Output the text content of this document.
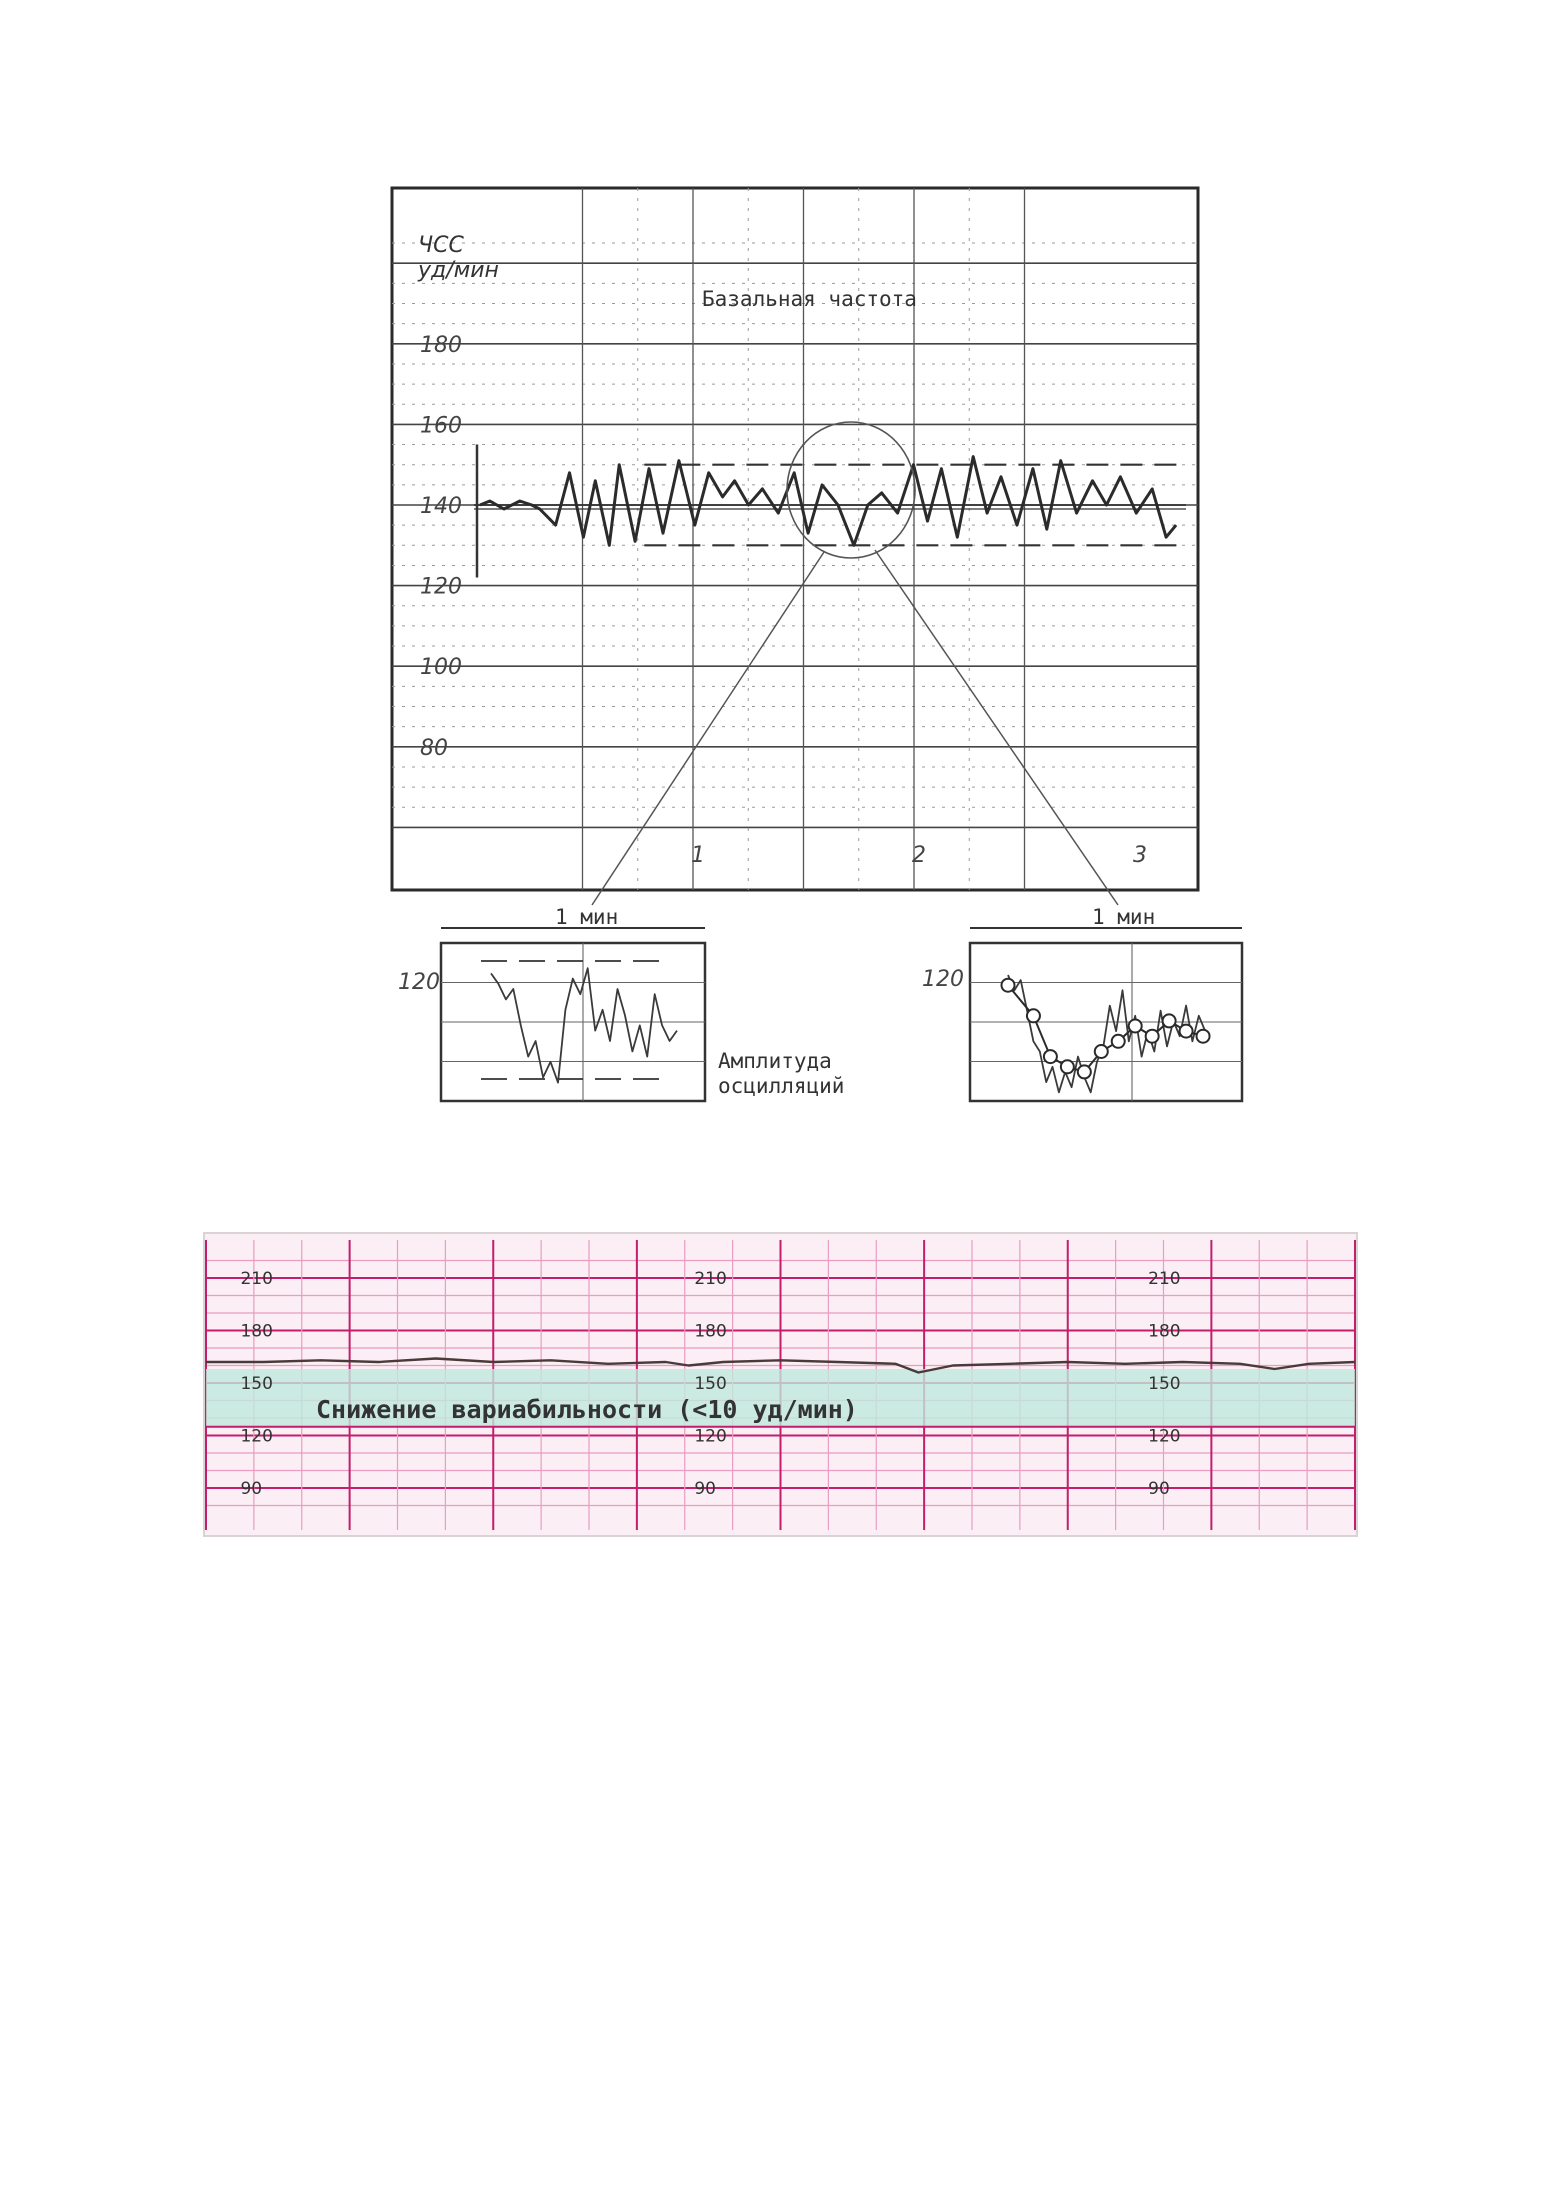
80
100
120
140
160
180
1	2	3
ЧСС
уд/мин
Базальная частота
1 мин
120
Амплитуда
осцилляций
1 мин
120
90
120
150
180
210
90
120
150
180
210
90
120
150
180
210
Снижение вариабильности (<10 уд/мин)
